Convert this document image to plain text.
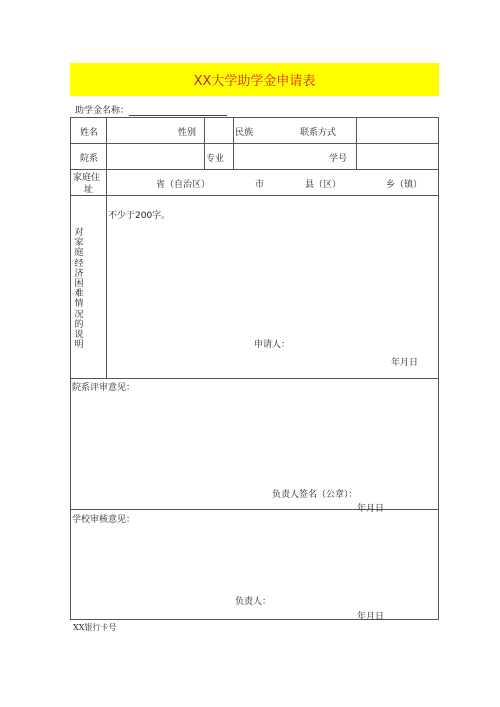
XX大学助学金申请表
助学金名称：
姓名	性别	民族	联系方式
院系	专业	学号
家庭住
址	省（自治区）	市	县（区）	乡（镇）
对
家
庭
经
济
困
难
情
况
的
说
明
不少于200字。
申请人：
年月日
院系评审意见：
负责人签名（公章）：
年月日
学校审核意见：
负责人：
年月日
XX银行卡号
